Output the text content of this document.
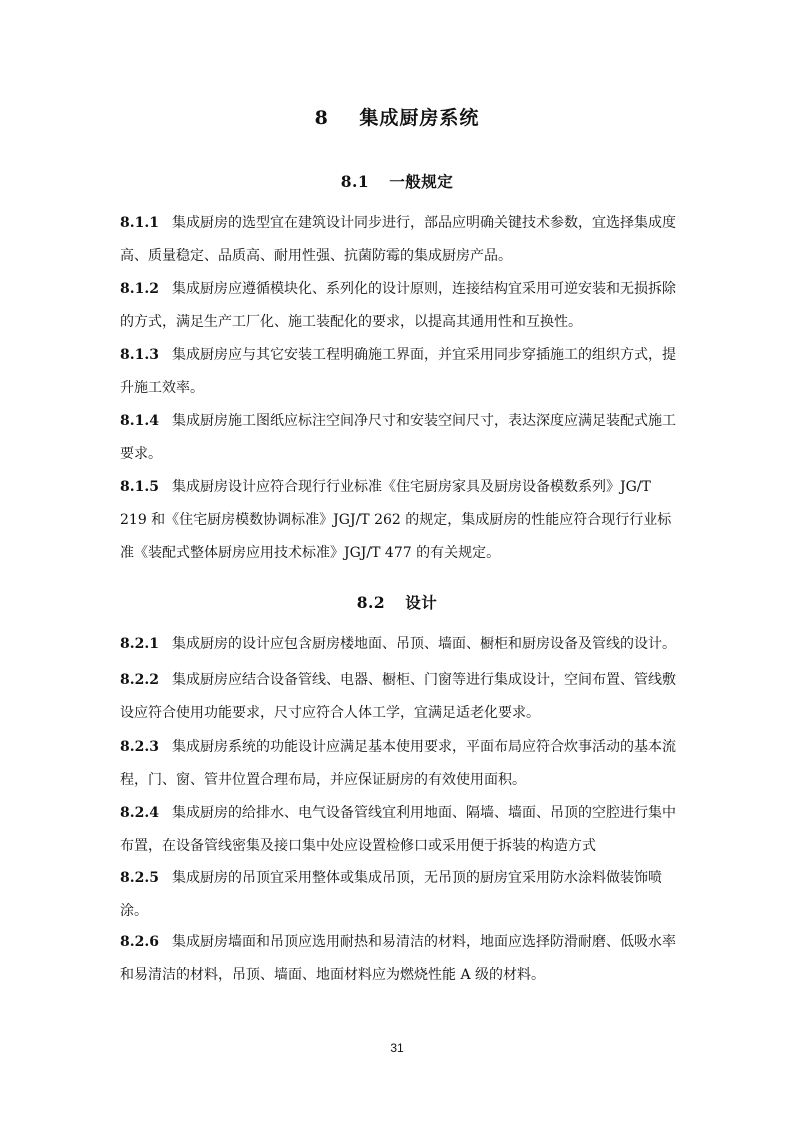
8 集成厨房系统
8.1 一般规定
8.1.1 集成厨房的选型宜在建筑设计同步进行，部品应明确关键技术参数，宜选择集成度高、质量稳定、品质高、耐用性强、抗菌防霉的集成厨房产品。
8.1.2 集成厨房应遵循模块化、系列化的设计原则，连接结构宜采用可逆安装和无损拆除的方式，满足生产工厂化、施工装配化的要求，以提高其通用性和互换性。
8.1.3 集成厨房应与其它安装工程明确施工界面，并宜采用同步穿插施工的组织方式，提升施工效率。
8.1.4 集成厨房施工图纸应标注空间净尺寸和安装空间尺寸，表达深度应满足装配式施工要求。
8.1.5 集成厨房设计应符合现行行业标准《住宅厨房家具及厨房设备模数系列》JG/T 219 和《住宅厨房模数协调标准》JGJ/T 262 的规定，集成厨房的性能应符合现行行业标准《装配式整体厨房应用技术标准》JGJ/T 477 的有关规定。
8.2 设计
8.2.1 集成厨房的设计应包含厨房楼地面、吊顶、墙面、橱柜和厨房设备及管线的设计。
8.2.2 集成厨房应结合设备管线、电器、橱柜、门窗等进行集成设计，空间布置、管线敷设应符合使用功能要求，尺寸应符合人体工学，宜满足适老化要求。
8.2.3 集成厨房系统的功能设计应满足基本使用要求，平面布局应符合炊事活动的基本流程，门、窗、管井位置合理布局，并应保证厨房的有效使用面积。
8.2.4 集成厨房的给排水、电气设备管线宜利用地面、隔墙、墙面、吊顶的空腔进行集中布置，在设备管线密集及接口集中处应设置检修口或采用便于拆装的构造方式
8.2.5 集成厨房的吊顶宜采用整体或集成吊顶，无吊顶的厨房宜采用防水涂料做装饰喷涂。
8.2.6 集成厨房墙面和吊顶应选用耐热和易清洁的材料，地面应选择防滑耐磨、低吸水率和易清洁的材料，吊顶、墙面、地面材料应为燃烧性能 A 级的材料。
31
